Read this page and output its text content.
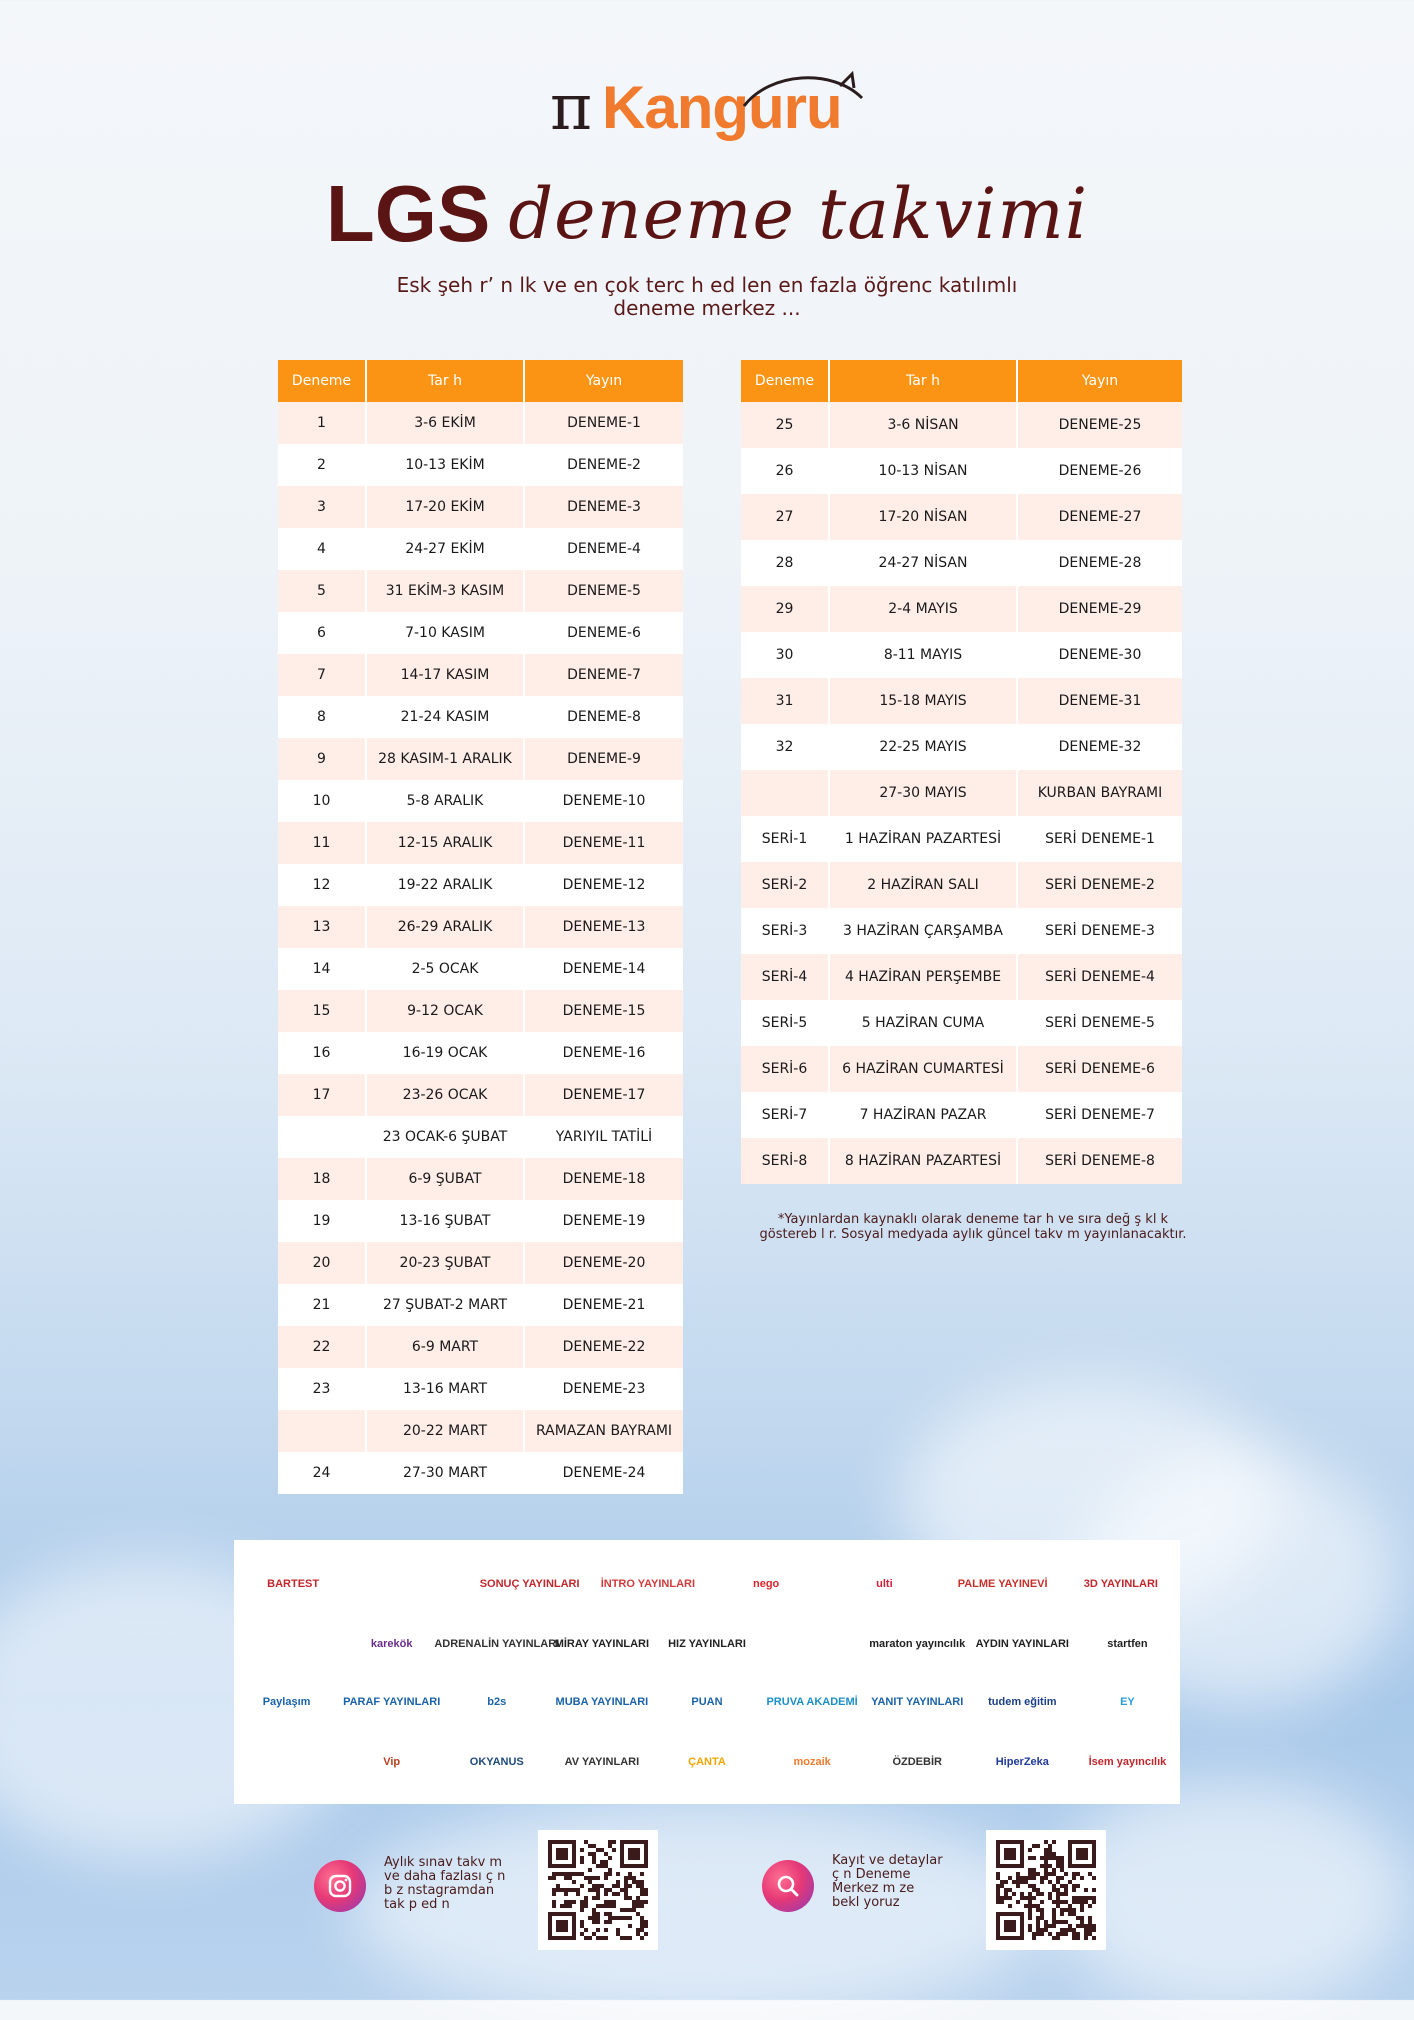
π Kanguru
LGS deneme takvimi
Esk şeh r’ n lk ve en çok terc h ed len en fazla öğrenc katılımlı
deneme merkez ...
Deneme	Tar h	Yayın
1	3-6 EKİM	DENEME-1
2	10-13 EKİM	DENEME-2
3	17-20 EKİM	DENEME-3
4	24-27 EKİM	DENEME-4
5	31 EKİM-3 KASIM	DENEME-5
6	7-10 KASIM	DENEME-6
7	14-17 KASIM	DENEME-7
8	21-24 KASIM	DENEME-8
9	28 KASIM-1 ARALIK	DENEME-9
10	5-8 ARALIK	DENEME-10
11	12-15 ARALIK	DENEME-11
12	19-22 ARALIK	DENEME-12
13	26-29 ARALIK	DENEME-13
14	2-5 OCAK	DENEME-14
15	9-12 OCAK	DENEME-15
16	16-19 OCAK	DENEME-16
17	23-26 OCAK	DENEME-17
	23 OCAK-6 ŞUBAT	YARIYIL TATİLİ
18	6-9 ŞUBAT	DENEME-18
19	13-16 ŞUBAT	DENEME-19
20	20-23 ŞUBAT	DENEME-20
21	27 ŞUBAT-2 MART	DENEME-21
22	6-9 MART	DENEME-22
23	13-16 MART	DENEME-23
	20-22 MART	RAMAZAN BAYRAMI
24	27-30 MART	DENEME-24
Deneme	Tar h	Yayın
25	3-6 NİSAN	DENEME-25
26	10-13 NİSAN	DENEME-26
27	17-20 NİSAN	DENEME-27
28	24-27 NİSAN	DENEME-28
29	2-4 MAYIS	DENEME-29
30	8-11 MAYIS	DENEME-30
31	15-18 MAYIS	DENEME-31
32	22-25 MAYIS	DENEME-32
	27-30 MAYIS	KURBAN BAYRAMI
SERİ-1	1 HAZİRAN PAZARTESİ	SERİ DENEME-1
SERİ-2	2 HAZİRAN SALI	SERİ DENEME-2
SERİ-3	3 HAZİRAN ÇARŞAMBA	SERİ DENEME-3
SERİ-4	4 HAZİRAN PERŞEMBE	SERİ DENEME-4
SERİ-5	5 HAZİRAN CUMA	SERİ DENEME-5
SERİ-6	6 HAZİRAN CUMARTESİ	SERİ DENEME-6
SERİ-7	7 HAZİRAN PAZAR	SERİ DENEME-7
SERİ-8	8 HAZİRAN PAZARTESİ	SERİ DENEME-8
*Yayınlardan kaynaklı olarak deneme tar h ve sıra değ ş kl k
göstereb l r. Sosyal medyada aylık güncel takv m yayınlanacaktır.
BARTEST	SONUÇ YAYINLARI	İNTRO YAYINLARI	nego	ulti	PALME YAYINEVİ	3D YAYINLARI
karekök	ADRENALİN YAYINLARI
MİRAY YAYINLARI	HIZ YAYINLARI	maraton yayıncılık AYDIN YAYINLARI	startfen
Paylaşım	PARAF YAYINLARI	b2s	MUBA YAYINLARI	PUAN	PRUVA AKADEMİ YANIT YAYINLARI	tudem eğitim	EY
Vip	OKYANUS	AV YAYINLARI	ÇANTA	mozaik	ÖZDEBİR	HiperZeka	İsem yayıncılık
Aylık sınav takv m
ve daha fazlası ç n
b z nstagramdan
tak p ed n
Kayıt ve detaylar
ç n Deneme
Merkez m ze
bekl yoruz
